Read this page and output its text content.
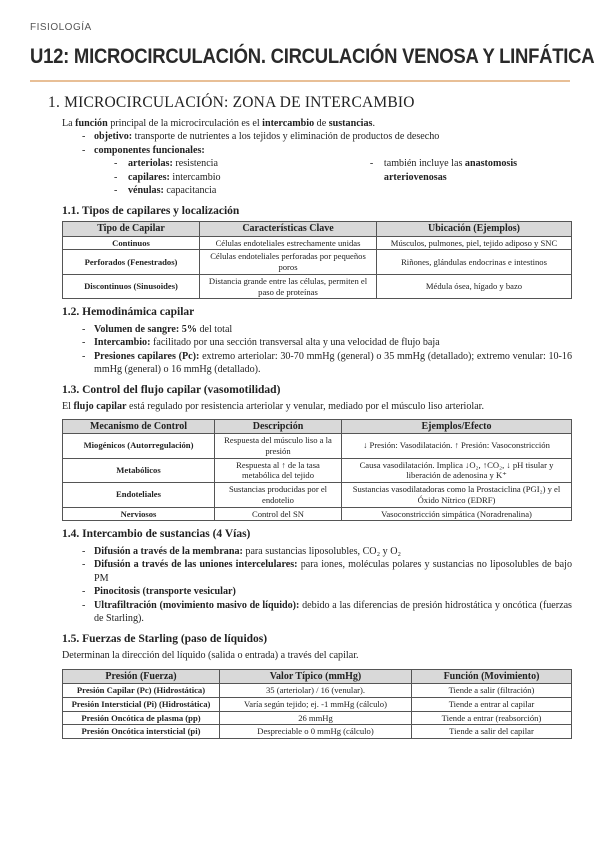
FISIOLOGÍA
U12: MICROCIRCULACIÓN. CIRCULACIÓN VENOSA Y LINFÁTICA
1. MICROCIRCULACIÓN: ZONA DE INTERCAMBIO

La función principal de la microcirculación es el intercambio de sustancias.

- objetivo: transporte de nutrientes a los tejidos y eliminación de productos de desecho
- componentes funcionales:
- arteriolas: resistencia
- capilares: intercambio
- vénulas: capacitancia
- también incluye las anastomosis arteriovenosas
1.1. Tipos de capilares y localización
Tipo de Capilar	Características Clave	Ubicación (Ejemplos)
Continuos	Células endoteliales estrechamente unidas	Músculos, pulmones, piel, tejido adiposo y SNC
Perforados (Fenestrados)	Células endoteliales perforadas por pequeños poros	Riñones, glándulas endocrinas e intestinos
Discontinuos (Sinusoides)	Distancia grande entre las células, permiten el paso de proteínas	Médula ósea, hígado y bazo
1.2. Hemodinámica capilar
- Volumen de sangre: 5% del total
- Intercambio: facilitado por una sección transversal alta y una velocidad de flujo baja
- Presiones capilares (Pc): extremo arteriolar: 30-70 mmHg (general) o 35 mmHg (detallado); extremo venular: 10-16 mmHg (general) o 16 mmHg (detallado).
1.3. Control del flujo capilar (vasomotilidad)

El flujo capilar está regulado por resistencia arteriolar y venular, mediado por el músculo liso arteriolar.

Mecanismo de Control	Descripción	Ejemplos/Efecto
Miogénicos (Autorregulación)	Respuesta del músculo liso a la presión	↓ Presión: Vasodilatación. ↑ Presión: Vasoconstricción
Metabólicos	Respuesta al ↑ de la tasa metabólica del tejido	Causa vasodilatación. Implica ↓O₂, ↑CO₂, ↓ pH tisular y liberación de adenosina y K⁺
Endoteliales	Sustancias producidas por el endotelio	Sustancias vasodilatadoras como la Prostaciclina (PGI₂) y el Óxido Nítrico (EDRF)
Nerviosos	Control del SN	Vasoconstricción simpática (Noradrenalina)
1.4. Intercambio de sustancias (4 Vías)
- Difusión a través de la membrana: para sustancias liposolubles, CO₂ y O₂
- Difusión a través de las uniones intercelulares: para iones, moléculas polares y sustancias no liposolubles de bajo PM
- Pinocitosis (transporte vesicular)
- Ultrafiltración (movimiento masivo de líquido): debido a las diferencias de presión hidrostática y oncótica (fuerzas de Starling).
1.5. Fuerzas de Starling (paso de líquidos)

Determinan la dirección del líquido (salida o entrada) a través del capilar.

Presión (Fuerza)	Valor Típico (mmHg)	Función (Movimiento)
Presión Capilar (Pc) (Hidrostática)	35 (arteriolar) / 16 (venular).	Tiende a salir (filtración)
Presión Intersticial (Pi) (Hidrostática)	Varía según tejido; ej. -1 mmHg (cálculo)	Tiende a entrar al capilar
Presión Oncótica de plasma (pp)	26 mmHg	Tiende a entrar (reabsorción)
Presión Oncótica intersticial (pi)	Despreciable o 0 mmHg (cálculo)	Tiende a salir del capilar
